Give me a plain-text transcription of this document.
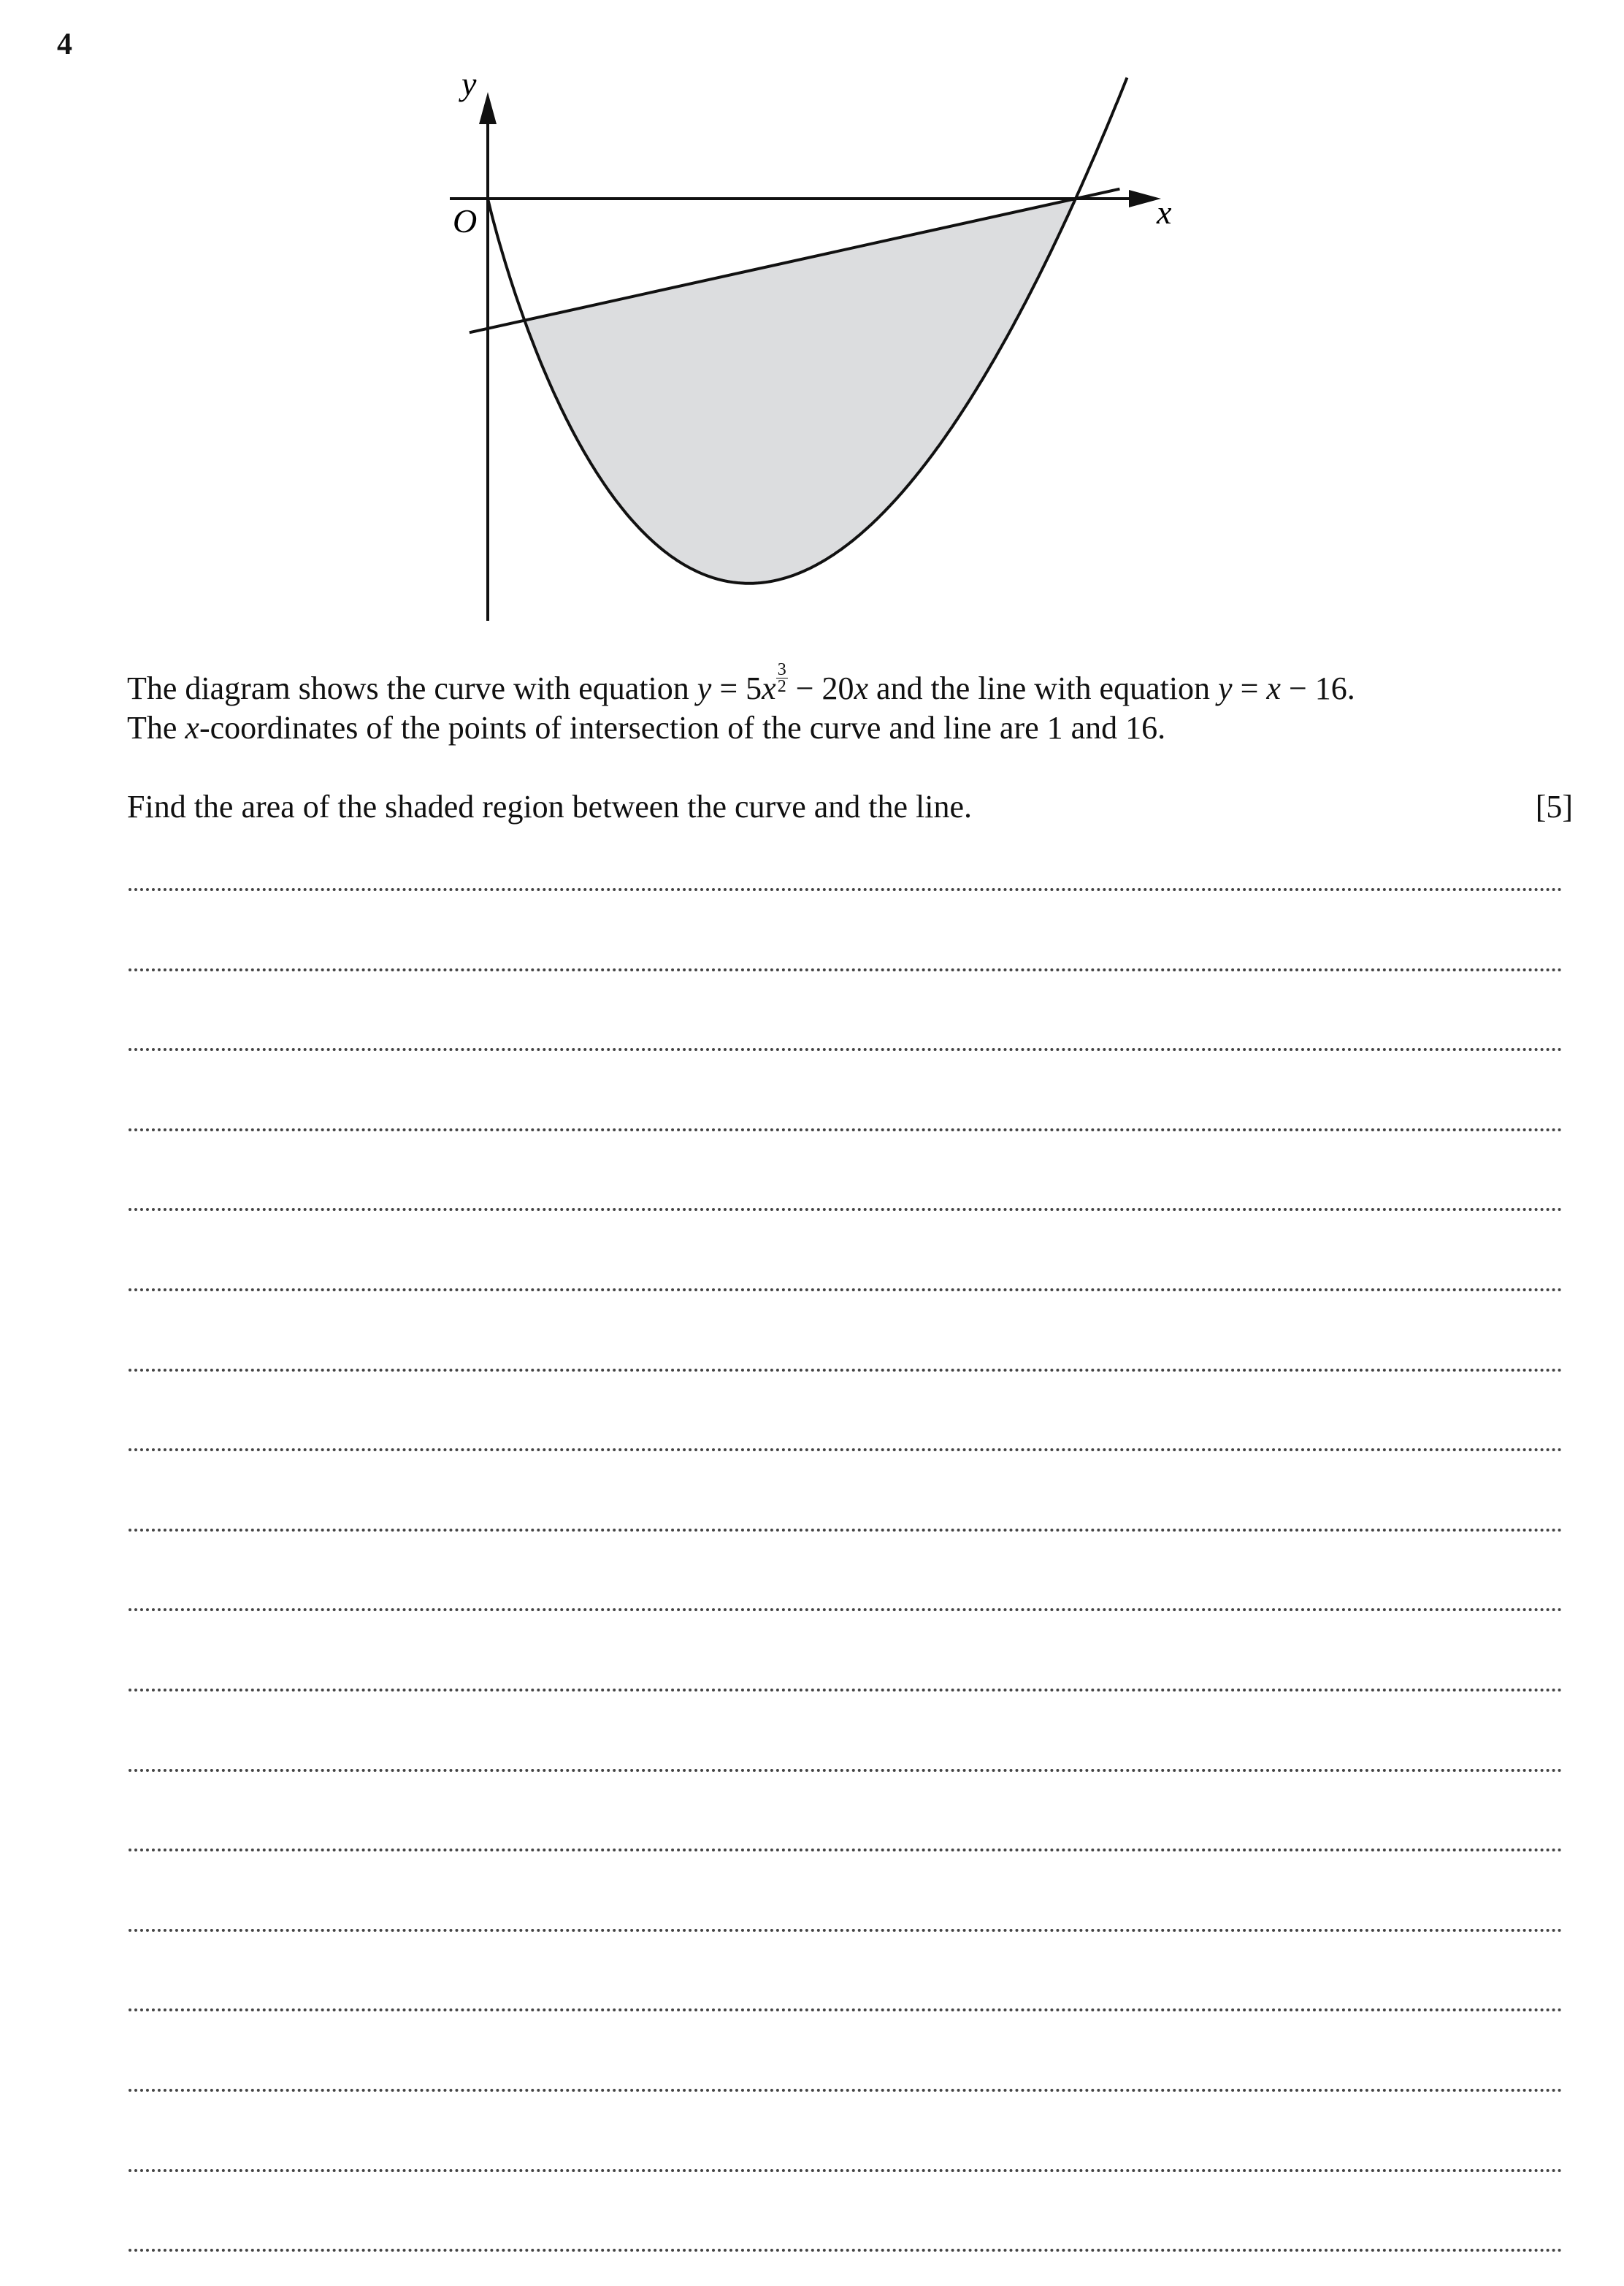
4
y
x
O
The diagram shows the curve with equation $y = 5x \frac{3}{2} - 20x$ and the line with equation y = x − 16.
The x-coordinates of the points of intersection of the curve and line are 1 and 16.
Find the area of the shaded region between the curve and the line.	[5]
